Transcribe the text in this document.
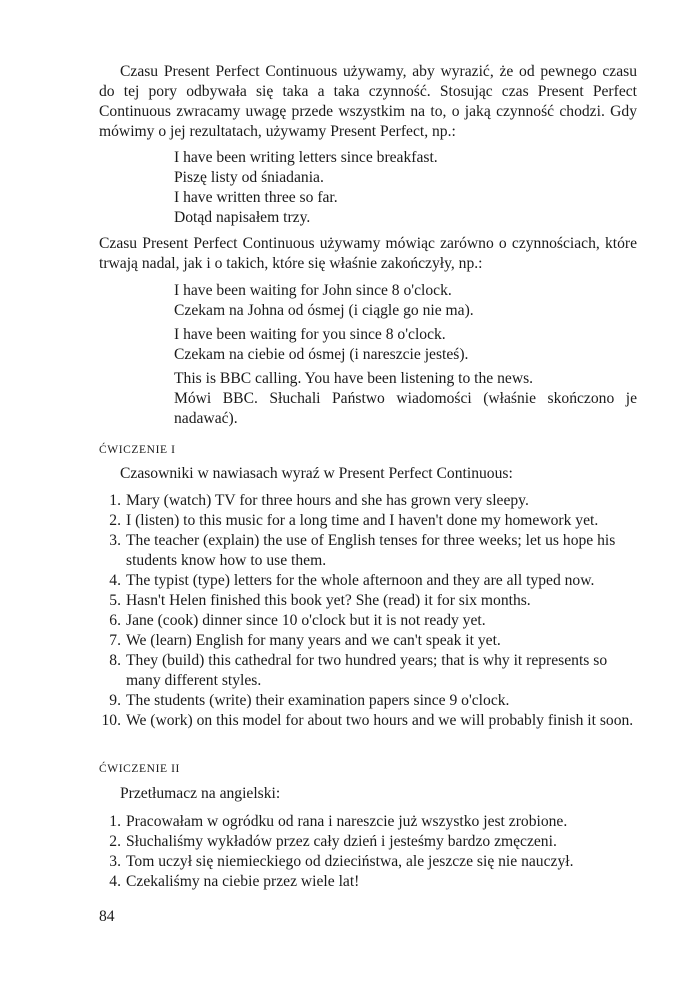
Czasu Present Perfect Continuous używamy, aby wyrazić, że od pewnego czasu do tej pory odbywała się taka a taka czynność. Stosując czas Present Perfect Continuous zwracamy uwagę przede wszystkim na to, o jaką czynność chodzi. Gdy mówimy o jej rezultatach, używamy Present Perfect, np.:

I have been writing letters since breakfast.

Piszę listy od śniadania.

I have written three so far.

Dotąd napisałem trzy.

Czasu Present Perfect Continuous używamy mówiąc zarówno o czynnościach, które trwają nadal, jak i o takich, które się właśnie zakończyły, np.:

I have been waiting for John since 8 o'clock.

Czekam na Johna od ósmej (i ciągle go nie ma).

I have been waiting for you since 8 o'clock.

Czekam na ciebie od ósmej (i nareszcie jesteś).

This is BBC calling. You have been listening to the news.

Mówi BBC. Słuchali Państwo wiadomości (właśnie skończono je nadawać).

ĆWICZENIE I

Czasowniki w nawiasach wyraź w Present Perfect Continuous:

1. Mary (watch) TV for three hours and she has grown very sleepy.
2. I (listen) to this music for a long time and I haven't done my homework yet.
3. The teacher (explain) the use of English tenses for three weeks; let us hope his students know how to use them.
4. The typist (type) letters for the whole afternoon and they are all typed now.
5. Hasn't Helen finished this book yet? She (read) it for six months.
6. Jane (cook) dinner since 10 o'clock but it is not ready yet.
7. We (learn) English for many years and we can't speak it yet.
8. They (build) this cathedral for two hundred years; that is why it represents so many different styles.
9. The students (write) their examination papers since 9 o'clock.
10. We (work) on this model for about two hours and we will probably finish it soon.

ĆWICZENIE II

Przetłumacz na angielski:

1. Pracowałam w ogródku od rana i nareszcie już wszystko jest zrobione.
2. Słuchaliśmy wykładów przez cały dzień i jesteśmy bardzo zmęczeni.
3. Tom uczył się niemieckiego od dzieciństwa, ale jeszcze się nie nauczył.
4. Czekaliśmy na ciebie przez wiele lat!

84
